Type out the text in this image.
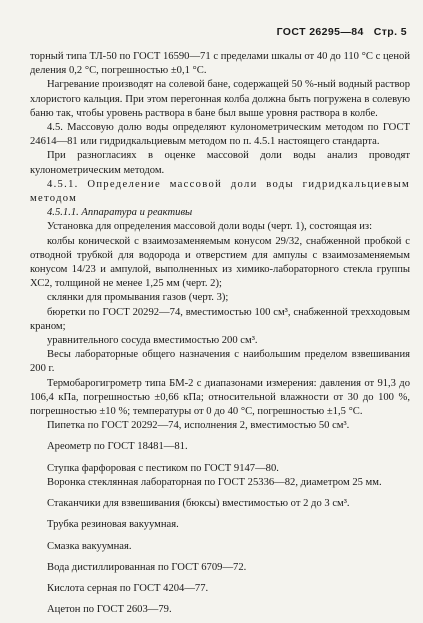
ГОСТ 26295—84 Стр. 5

торный типа ТЛ-50 по ГОСТ 16590—71 с пределами шкалы от 40 до 110 °С с ценой деления 0,2 °С, погрешностью ±0,1 °С.

Нагревание производят на солевой бане, содержащей 50 %-ный водный раствор хлористого кальция. При этом перегонная колба должна быть погружена в солевую баню так, чтобы уровень раствора в бане был выше уровня раствора в колбе.

4.5. Массовую долю воды определяют кулонометрическим методом по ГОСТ 24614—81 или гидридкальциевым методом по п. 4.5.1 настоящего стандарта.

При разногласиях в оценке массовой доли воды анализ проводят кулонометрическим методом.

4.5.1. Определение массовой доли воды гидридкальциевым методом

4.5.1.1. Аппаратура и реактивы

Установка для определения массовой доли воды (черт. 1), состоящая из:

колбы конической с взаимозаменяемым конусом 29/32, снабженной пробкой с отводной трубкой для водорода и отверстием для ампулы с взаимозаменяемым конусом 14/23 и ампулой, выполненных из химико-лабораторного стекла группы ХС2, толщиной не менее 1,25 мм (черт. 2);

склянки для промывания газов (черт. 3);

бюретки по ГОСТ 20292—74, вместимостью 100 см³, снабженной трехходовым краном;

уравнительного сосуда вместимостью 200 см³.

Весы лабораторные общего назначения с наибольшим пределом взвешивания 200 г.

Термобарогигрометр типа БМ-2 с диапазонами измерения: давления от 91,3 до 106,4 кПа, погрешностью ±0,66 кПа; относительной влажности от 30 до 100 %, погрешностью ±10 %; температуры от 0 до 40 °С, погрешностью ±1,5 °С.

Пипетка по ГОСТ 20292—74, исполнения 2, вместимостью 50 см³.

Ареометр по ГОСТ 18481—81.

Ступка фарфоровая с пестиком по ГОСТ 9147—80.

Воронка стеклянная лабораторная по ГОСТ 25336—82, диаметром 25 мм.

Стаканчики для взвешивания (бюксы) вместимостью от 2 до 3 см³.

Трубка резиновая вакуумная.

Смазка вакуумная.

Вода дистиллированная по ГОСТ 6709—72.

Кислота серная по ГОСТ 4204—77.

Ацетон по ГОСТ 2603—79.
